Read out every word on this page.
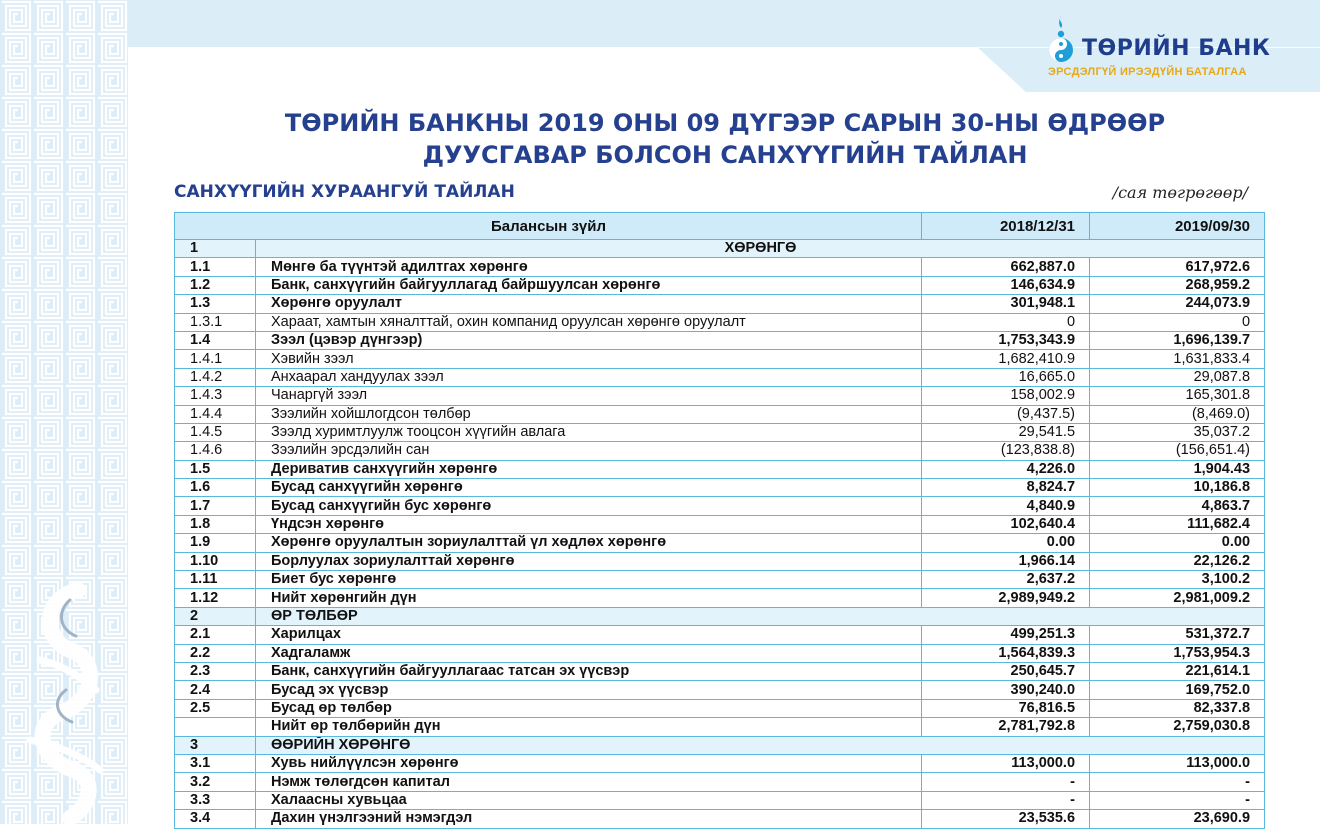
ТӨРИЙН БАНК
ЭРСДЭЛГҮЙ ИРЭЭДҮЙН БАТАЛГАА
ТӨРИЙН БАНКНЫ 2019 ОНЫ 09 ДҮГЭЭР САРЫН 30-НЫ ӨДРӨӨР
ДУУСГАВАР БОЛСОН САНХҮҮГИЙН ТАЙЛАН
САНХҮҮГИЙН ХУРААНГУЙ ТАЙЛАН	/сая төгрөгөөр/
Балансын зүйл		2018/12/31	2019/09/30
1	ХӨРӨНГӨ		
1.1	Мөнгө ба түүнтэй адилтгах хөрөнгө	662,887.0	617,972.6
1.2	Банк, санхүүгийн байгууллагад байршуулсан хөрөнгө	146,634.9	268,959.2
1.3	Хөрөнгө оруулалт	301,948.1	244,073.9
1.3.1	Хараат, хамтын хяналттай, охин компанид оруулсан хөрөнгө оруулалт	0	0
1.4	Зээл (цэвэр дүнгээр)	1,753,343.9	1,696,139.7
1.4.1	Хэвийн зээл	1,682,410.9	1,631,833.4
1.4.2	Анхаарал хандуулах зээл	16,665.0	29,087.8
1.4.3	Чанаргүй зээл	158,002.9	165,301.8
1.4.4	Зээлийн хойшлогдсон төлбөр	(9,437.5)	(8,469.0)
1.4.5	Зээлд хуримтлуулж тооцсон хүүгийн авлага	29,541.5	35,037.2
1.4.6	Зээлийн эрсдэлийн сан	(123,838.8)	(156,651.4)
1.5	Дериватив санхүүгийн хөрөнгө	4,226.0	1,904.43
1.6	Бусад санхүүгийн хөрөнгө	8,824.7	10,186.8
1.7	Бусад санхүүгийн бус хөрөнгө	4,840.9	4,863.7
1.8	Үндсэн хөрөнгө	102,640.4	111,682.4
1.9	Хөрөнгө оруулалтын зориулалттай үл хөдлөх хөрөнгө	0.00	0.00
1.10	Борлуулах зориулалттай хөрөнгө	1,966.14	22,126.2
1.11	Биет бус хөрөнгө	2,637.2	3,100.2
1.12	Нийт хөрөнгийн дүн	2,989,949.2	2,981,009.2
2	ӨР ТӨЛБӨР		
2.1	Харилцах	499,251.3	531,372.7
2.2	Хадгаламж	1,564,839.3	1,753,954.3
2.3	Банк, санхүүгийн байгууллагаас татсан эх үүсвэр	250,645.7	221,614.1
2.4	Бусад эх үүсвэр	390,240.0	169,752.0
2.5	Бусад өр төлбөр	76,816.5	82,337.8
	Нийт өр төлбөрийн дүн	2,781,792.8	2,759,030.8
3	ӨӨРИЙН ХӨРӨНГӨ		
3.1	Хувь нийлүүлсэн хөрөнгө	113,000.0	113,000.0
3.2	Нэмж төлөгдсөн капитал	-	-
3.3	Халаасны хувьцаа	-	-
3.4	Дахин үнэлгээний нэмэгдэл	23,535.6	23,690.9
